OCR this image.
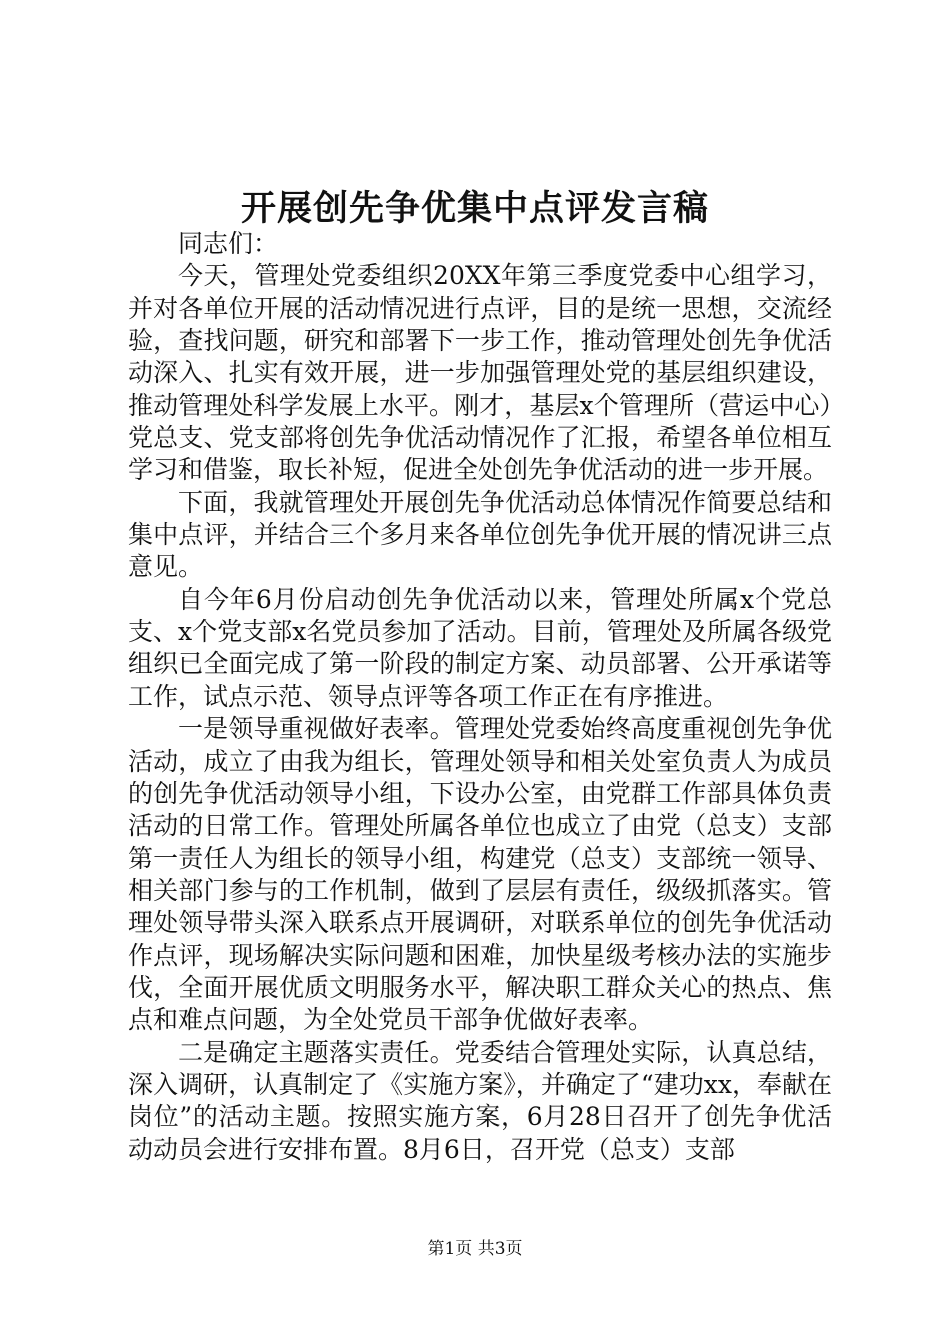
开展创先争优集中点评发言稿

同志们：

今天，管理处党委组织20XX年第三季度党委中心组学习，并对各单位开展的活动情况进行点评，目的是统一思想，交流经验，查找问题，研究和部署下一步工作，推动管理处创先争优活动深入、扎实有效开展，进一步加强管理处党的基层组织建设，推动管理处科学发展上水平。刚才，基层x个管理所（营运中心）党总支、党支部将创先争优活动情况作了汇报，希望各单位相互学习和借鉴，取长补短，促进全处创先争优活动的进一步开展。

下面，我就管理处开展创先争优活动总体情况作简要总结和集中点评，并结合三个多月来各单位创先争优开展的情况讲三点意见。

自今年6月份启动创先争优活动以来，管理处所属x个党总支、x个党支部x名党员参加了活动。目前，管理处及所属各级党组织已全面完成了第一阶段的制定方案、动员部署、公开承诺等工作，试点示范、领导点评等各项工作正在有序推进。

一是领导重视做好表率。管理处党委始终高度重视创先争优活动，成立了由我为组长，管理处领导和相关处室负责人为成员的创先争优活动领导小组，下设办公室，由党群工作部具体负责活动的日常工作。管理处所属各单位也成立了由党（总支）支部第一责任人为组长的领导小组，构建党（总支）支部统一领导、相关部门参与的工作机制，做到了层层有责任，级级抓落实。管理处领导带头深入联系点开展调研，对联系单位的创先争优活动作点评，现场解决实际问题和困难，加快星级考核办法的实施步伐，全面开展优质文明服务水平，解决职工群众关心的热点、焦点和难点问题，为全处党员干部争优做好表率。

二是确定主题落实责任。党委结合管理处实际，认真总结，深入调研，认真制定了《实施方案》，并确定了“建功xx，奉献在岗位”的活动主题。按照实施方案，6月28日召开了创先争优活动动员会进行安排布置。8月6日，召开党（总支）支部

第1页 共3页
